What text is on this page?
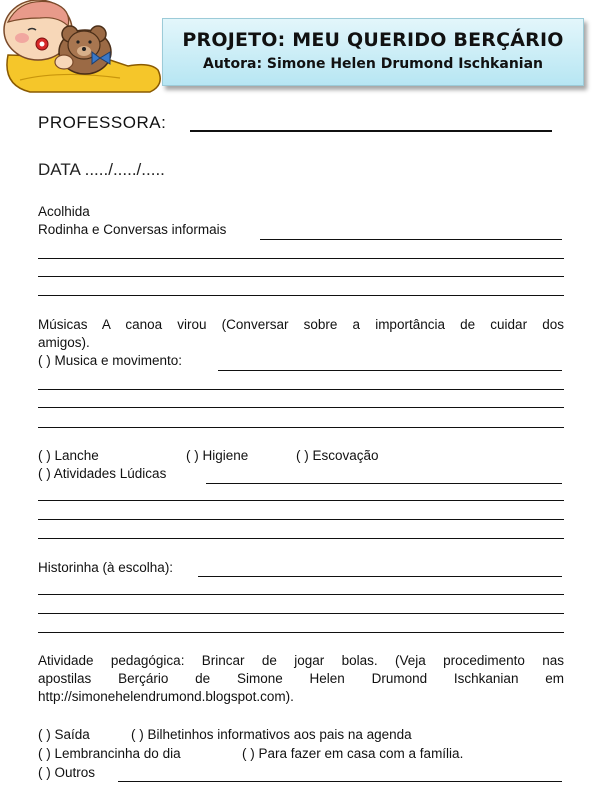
PROJETO: MEU QUERIDO BERÇÁRIO
Autora: Simone Helen Drumond Ischkanian
PROFESSORA:
DATA ...../...../.....
Acolhida
Rodinha e Conversas informais
Músicas A canoa virou (Conversar sobre a importância de cuidar dos
amigos).
( ) Musica e movimento:
( ) Lanche	( ) Higiene	( ) Escovação
( ) Atividades Lúdicas
Historinha (à escolha):
Atividade pedagógica: Brincar de jogar bolas. (Veja procedimento nas
apostilas Berçário de Simone Helen Drumond Ischkanian em
http://simonehelendrumond.blogspot.com).
( ) Saída	( ) Bilhetinhos informativos aos pais na agenda
( ) Lembrancinha do dia	( ) Para fazer em casa com a família.
( ) Outros
